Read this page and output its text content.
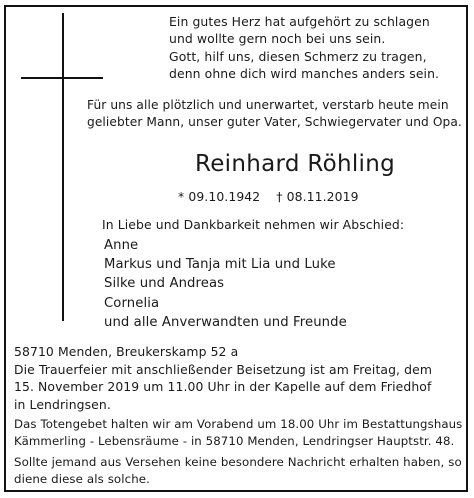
Ein gutes Herz hat aufgehört zu schlagen
und wollte gern noch bei uns sein.
Gott, hilf uns, diesen Schmerz zu tragen,
denn ohne dich wird manches anders sein.
Für uns alle plötzlich und unerwartet, verstarb heute mein
geliebter Mann, unser guter Vater, Schwiegervater und Opa.
Reinhard Röhling
* 09.10.1942 † 08.11.2019
In Liebe und Dankbarkeit nehmen wir Abschied:
Anne
Markus und Tanja mit Lia und Luke
Silke und Andreas
Cornelia
und alle Anverwandten und Freunde
58710 Menden, Breukerskamp 52 a
Die Trauerfeier mit anschließender Beisetzung ist am Freitag, dem
15. November 2019 um 11.00 Uhr in der Kapelle auf dem Friedhof
in Lendringsen.
Das Totengebet halten wir am Vorabend um 18.00 Uhr im Bestattungshaus
Kämmerling - Lebensräume - in 58710 Menden, Lendringser Hauptstr. 48.
Sollte jemand aus Versehen keine besondere Nachricht erhalten haben, so
diene diese als solche.
